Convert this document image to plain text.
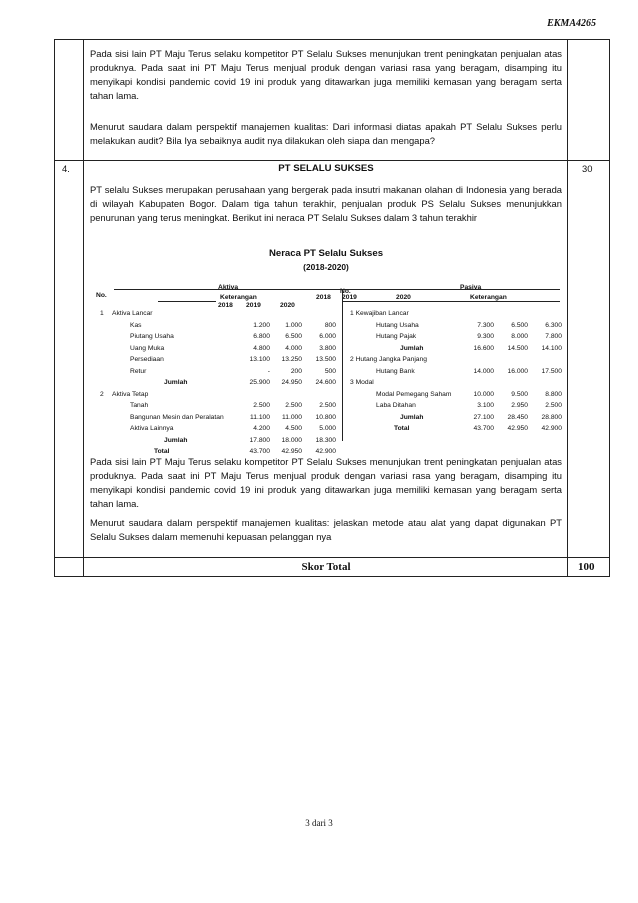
EKMA4265
Pada sisi lain PT Maju Terus selaku kompetitor PT Selalu Sukses menunjukan trent peningkatan penjualan atas produknya. Pada saat ini PT Maju Terus menjual produk dengan variasi rasa yang beragam, disamping itu menyikapi kondisi pandemic covid 19 ini produk yang ditawarkan juga memiliki kemasan yang beragam serta tahan lama.
Menurut saudara dalam perspektif manajemen kualitas: Dari informasi diatas apakah PT Selalu Sukses perlu melakukan audit? Bila Iya sebaiknya audit nya dilakukan oleh siapa dan mengapa?
4.	PT SELALU SUKSES	30
PT selalu Sukses merupakan perusahaan yang bergerak pada insutri makanan olahan di Indonesia yang berada di wilayah Kabupaten Bogor. Dalam tiga tahun terakhir, penjualan produk PS Selalu Sukses menunjukkan penurunan yang terus meningkat. Berikut ini neraca PT Selalu Sukses dalam 3 tahun terakhir
Neraca PT Selalu Sukses
(2018-2020)
Aktiva	Pasiva
No.
No.
Keterangan	Keterangan
2018 2019	2020
2018 2019	2020
1 Aktiva Lancar
Kas	1.200	1.000	800
Piutang Usaha	6.800	6.500	6.000
Uang Muka	4.800	4.000	3.800
Persediaan	13.100	13.250	13.500
Retur	-	200	500
Jumlah	25.900	24.950	24.600
2 Aktiva Tetap
Tanah	2.500	2.500	2.500
Bangunan Mesin dan Peralatan	11.100	11.000	10.800
Aktiva Lainnya	4.200	4.500	5.000
Jumlah	17.800	18.000	18.300
Total	43.700	42.950	42.900
1 Kewajiban Lancar
Hutang Usaha	7.300	6.500	6.300
Hutang Pajak	9.300	8.000	7.800
Jumlah	16.600	14.500	14.100
2 Hutang Jangka Panjang
Hutang Bank	14.000	16.000	17.500
3 Modal
Modal Pemegang Saham	10.000	9.500	8.800
Laba Ditahan	3.100	2.950	2.500
Jumlah	27.100	28.450	28.800
Total	43.700	42.950	42.900
Pada sisi lain PT Maju Terus selaku kompetitor PT Selalu Sukses menunjukan trent peningkatan penjualan atas produknya. Pada saat ini PT Maju Terus menjual produk dengan variasi rasa yang beragam, disamping itu menyikapi kondisi pandemic covid 19 ini produk yang ditawarkan juga memiliki kemasan yang beragam serta tahan lama.
Menurut saudara dalam perspektif manajemen kualitas: jelaskan metode atau alat yang dapat digunakan PT Selalu Sukses dalam memenuhi kepuasan pelanggan nya
Skor Total	100
3 dari 3
